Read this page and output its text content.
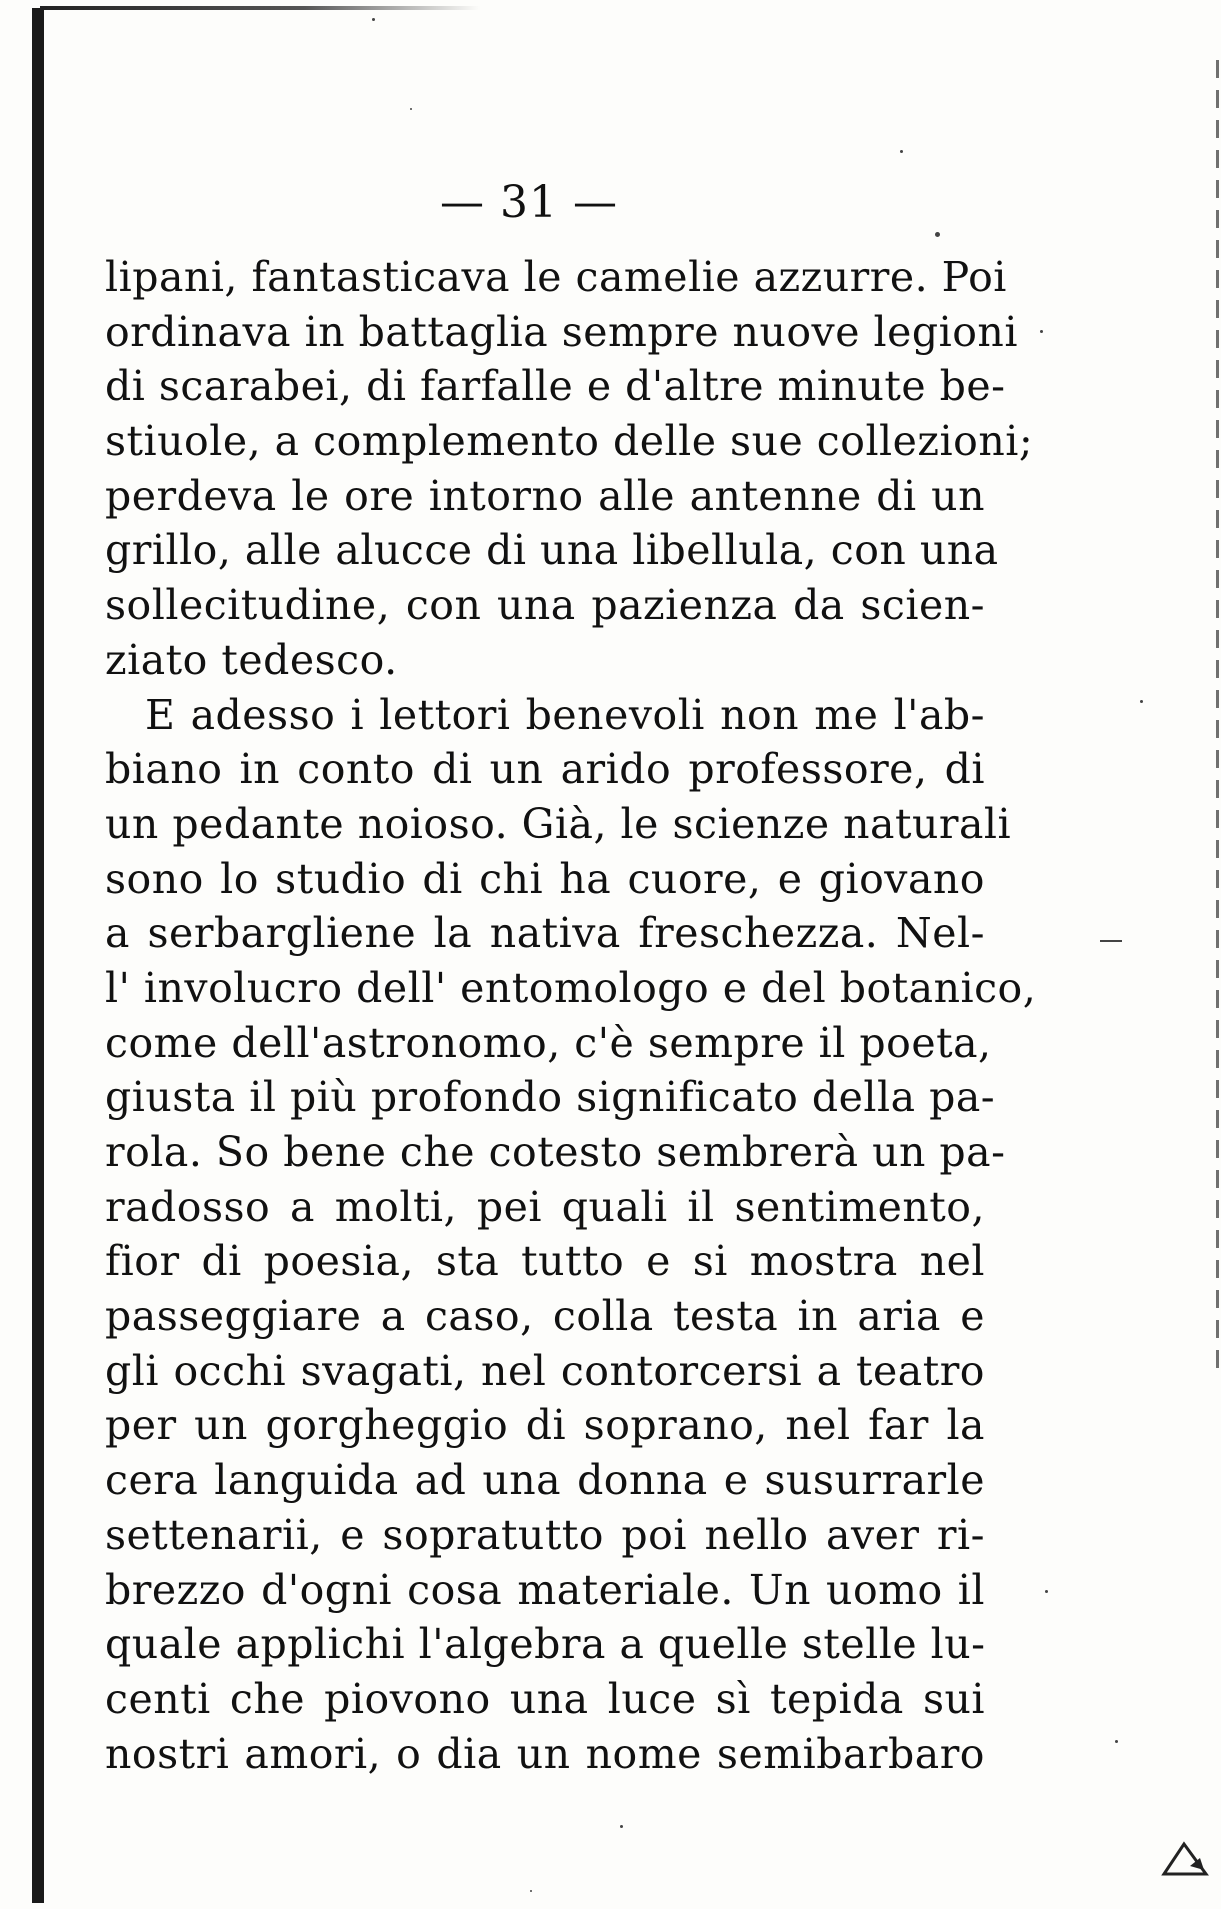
— 31 —
lipani, fantasticava le camelie azzurre. Poi
ordinava in battaglia sempre nuove legioni
di scarabei, di farfalle e d'altre minute be-
stiuole, a complemento delle sue collezioni;
perdeva le ore intorno alle antenne di un
grillo, alle alucce di una libellula, con una
sollecitudine, con una pazienza da scien-
ziato tedesco.
E adesso i lettori benevoli non me l'ab-
biano in conto di un arido professore, di
un pedante noioso. Già, le scienze naturali
sono lo studio di chi ha cuore, e giovano
a serbargliene la nativa freschezza. Nel-
l' involucro dell' entomologo e del botanico,
come dell'astronomo, c'è sempre il poeta,
giusta il più profondo significato della pa-
rola. So bene che cotesto sembrerà un pa-
radosso a molti, pei quali il sentimento,
fior di poesia, sta tutto e si mostra nel
passeggiare a caso, colla testa in aria e
gli occhi svagati, nel contorcersi a teatro
per un gorgheggio di soprano, nel far la
cera languida ad una donna e susurrarle
settenarii, e sopratutto poi nello aver ri-
brezzo d'ogni cosa materiale. Un uomo il
quale applichi l'algebra a quelle stelle lu-
centi che piovono una luce sì tepida sui
nostri amori, o dia un nome semibarbaro
